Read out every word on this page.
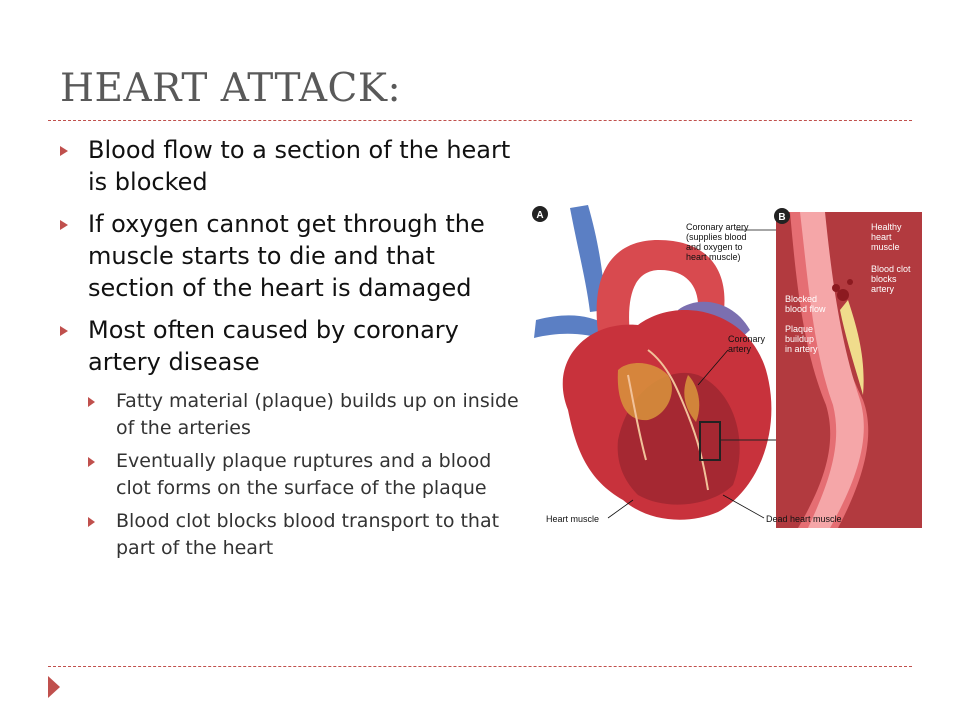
HEART ATTACK:
Blood flow to a section of the heart is blocked
If oxygen cannot get through the muscle starts to die and that section of the heart is damaged
Most often caused by coronary artery disease
Fatty material (plaque) builds up on inside of the arteries
Eventually plaque ruptures and a blood clot forms on the surface of the plaque
Blood clot blocks blood transport to that part of the heart
A	B
Coronary artery
(supplies blood
and oxygen to
heart muscle)
Coronary
artery
Heart muscle	Dead heart muscle
Healthy
heart
muscle
Blood clot
blocks
artery
Blocked
blood flow
Plaque
buildup
in artery
